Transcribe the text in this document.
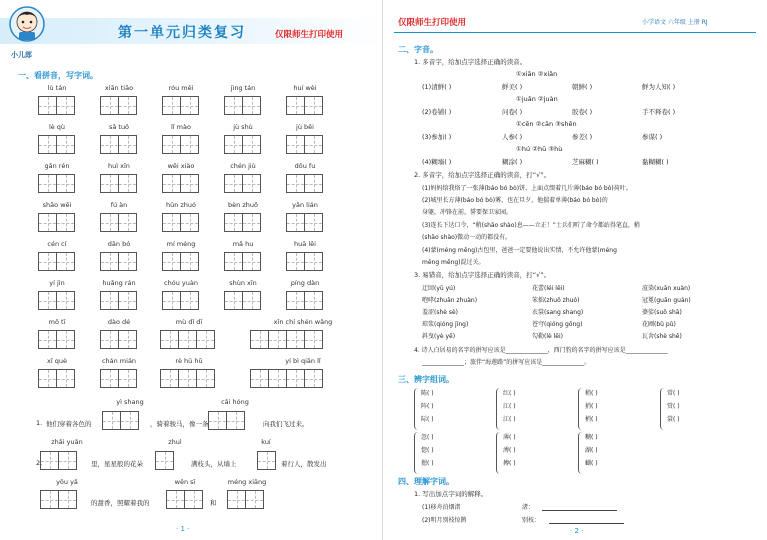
小儿郎
第一单元归类复习	仅限师生打印使用
一、看拼音，写字词。
lù tán	xiān tiāo	róu měi	jìng tán	huí wèi
lè qù	sǎ tuō	lǐ mào	jù shù	jù bēi
gǎn rén	huì xīn	wēi xiào	chén jiù	dǒu fu
shāo wēi	fú àn	hūn zhuó	bèn zhuō	yǎn lián
cén cí	dān bó	mí méng	mǎ hu	huā lěi
yí jìn	huǎng rán	chóu yuàn	shùn xīn	píng dàn
mǒ tī	dào dé	mù dǐ dī	xīn chí shén wǎng
xǐ què	chán mián	rè hū hū	yí bì qiān lǐ
yì shang	cǎi hóng
1. 他们穿着各色的	，骑着骏马，像一条	向我们飞过来。
zhǎi yuǎn	zhuì	kuí
2.	里，星星般的花朵	满枝头，从墙上	着行人，散发出
yōu yǎ	wěn sī	méng xiāng
的甜香，照耀着我的	和
· 1 ·
仅限师生打印使用	小学语文 六年级 上册 RJ
二、字音。
1. 多音字，给加点字选择正确的读音。
①xiān ②xiǎn
(1)清鲜( )	鲜美( )	朝鲜( )	鲜为人知( )
①juǎn ②juàn
(2)卷铺( )	问卷( )	胶卷( )	手不释卷( )
①cēn ②cān ③shēn
(3)参加( )	人参( )	参差( )	参谋( )
①hú ②hū ③hù
(4)糊墙( )	糊涂( )	芝麻糊( )	黏糊糊( )
2. 多音字，给加点字选择正确的读音，打“√”。
(1)妈妈给我烙了一张薄(báo bó bò)饼，上面点缀着几片薄(báo bó bò)荷叶。
(2)城里长方薄(báo bó bò)雾，也在旦夕，他揣着单薄(báo bó bò)的
身躯，冲锋在前，誓要保卫家园。
(3)连长下达口令，“稍(shāo shào)息——立正！”士兵们听了命令都站得笔直，稍
(shāo shào)微动一动的都没有。
(4)蒙(méng měng)古包里，爸爸一定要他说出实情，不允许他蒙(méng
měng mēng)混过关。
3. 易错音，给加点字选择正确的读音，打“√”。
迂回(yū yú)	花蕾(léi lěi)	渲染(xuān xuàn)
咆哮(zhuān zhuàn)	笨拙(zhuō zhuó)	冠冕(guān guàn)
羞涩(shè sè)	衣裳(sang shang)	婆娑(suō shā)
琼浆(qióng jīng)	苍穹(qióng gōng)	花圃(bǔ pǔ)
斜曳(yè yē)	勾勒(lè lēi)	瓦舍(shè shě)
4. 诗人白居易的名字的拼写应该是______________，西门豹的名字的拼写应该是______________
______________；旅伴“海莲路”的拼写应该是______________。
三、辨字组词。
陈( )
阵( )
际( )
红( )
江( )
江( )
稍( )
捎( )
梢( )
常( )
赏( )
裳( )
忽( )
惚( )
摁( )
薄( )
溥( )
搏( )
糊( )
湖( )
蝴( )
四、理解字词。
1. 写出加点字词的解释。
(1)移舟泊烟渚	渚：
(2)明月别枝惊鹊	别枝：
· 2 ·
